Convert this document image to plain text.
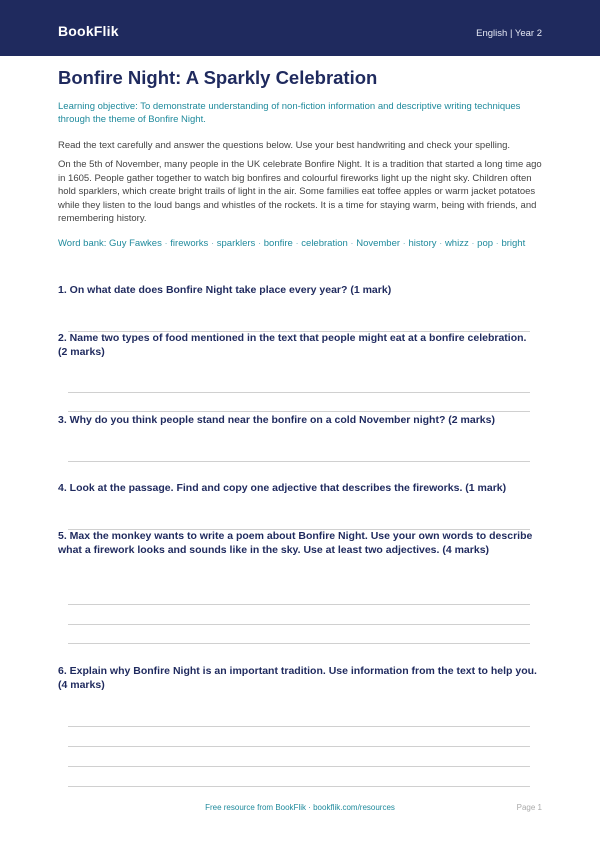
BookFlik	English | Year 2
Bonfire Night: A Sparkly Celebration
Learning objective: To demonstrate understanding of non-fiction information and descriptive writing techniques through the theme of Bonfire Night.
Read the text carefully and answer the questions below. Use your best handwriting and check your spelling.
On the 5th of November, many people in the UK celebrate Bonfire Night. It is a tradition that started a long time ago in 1605. People gather together to watch big bonfires and colourful fireworks light up the night sky. Children often hold sparklers, which create bright trails of light in the air. Some families eat toffee apples or warm jacket potatoes while they listen to the loud bangs and whistles of the rockets. It is a time for staying warm, being with friends, and remembering history.
Word bank: Guy Fawkes · fireworks · sparklers · bonfire · celebration · November · history · whizz · pop · bright
1. On what date does Bonfire Night take place every year? (1 mark)
2. Name two types of food mentioned in the text that people might eat at a bonfire celebration. (2 marks)
3. Why do you think people stand near the bonfire on a cold November night? (2 marks)
4. Look at the passage. Find and copy one adjective that describes the fireworks. (1 mark)
5. Max the monkey wants to write a poem about Bonfire Night. Use your own words to describe what a firework looks and sounds like in the sky. Use at least two adjectives. (4 marks)
6. Explain why Bonfire Night is an important tradition. Use information from the text to help you. (4 marks)
Free resource from BookFlik · bookflik.com/resources	Page 1
